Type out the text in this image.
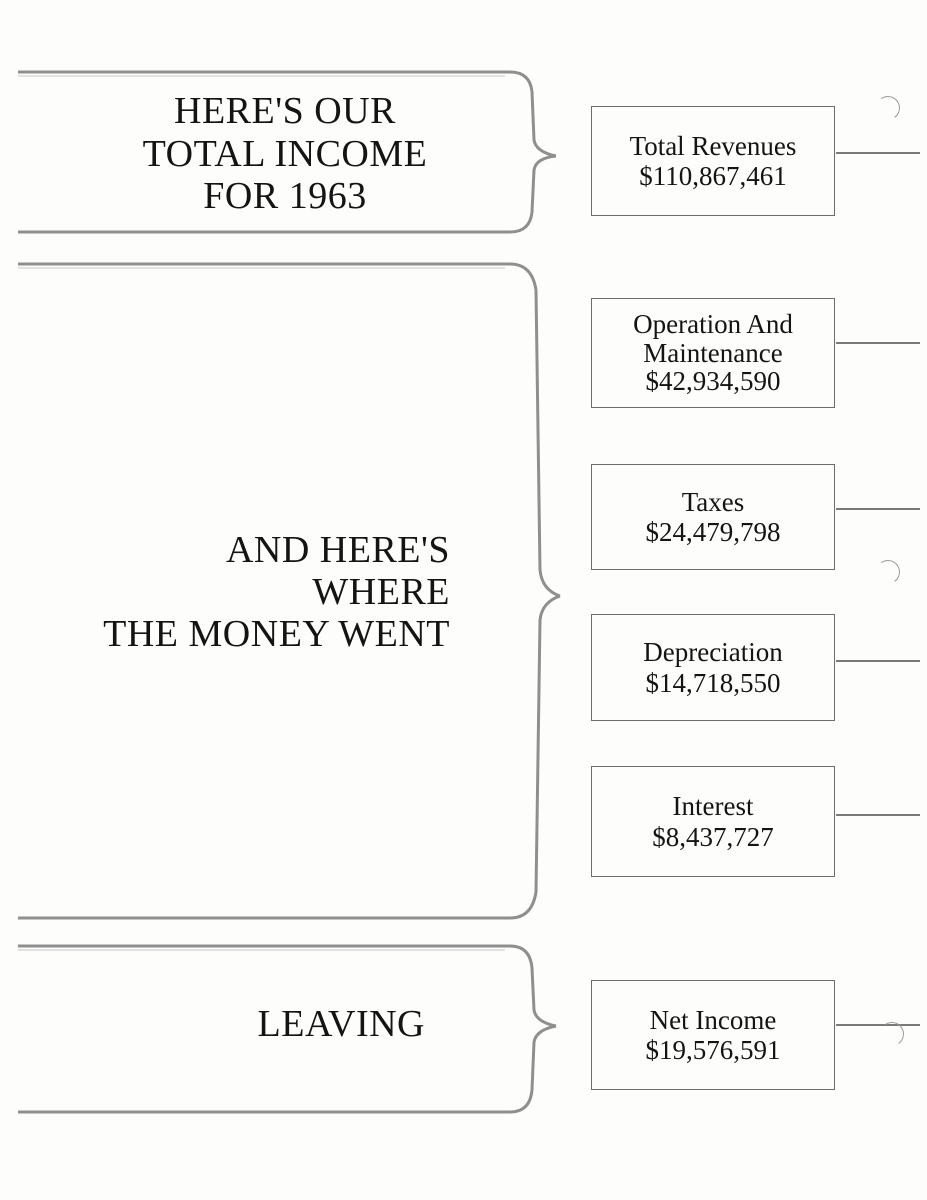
HERE'S OUR
TOTAL INCOME
FOR 1963
AND HERE'S
WHERE
THE MONEY WENT
LEAVING
Total Revenues
$110,867,461
Operation And
Maintenance
$42,934,590
Taxes
$24,479,798
Depreciation
$14,718,550
Interest
$8,437,727
Net Income
$19,576,591
